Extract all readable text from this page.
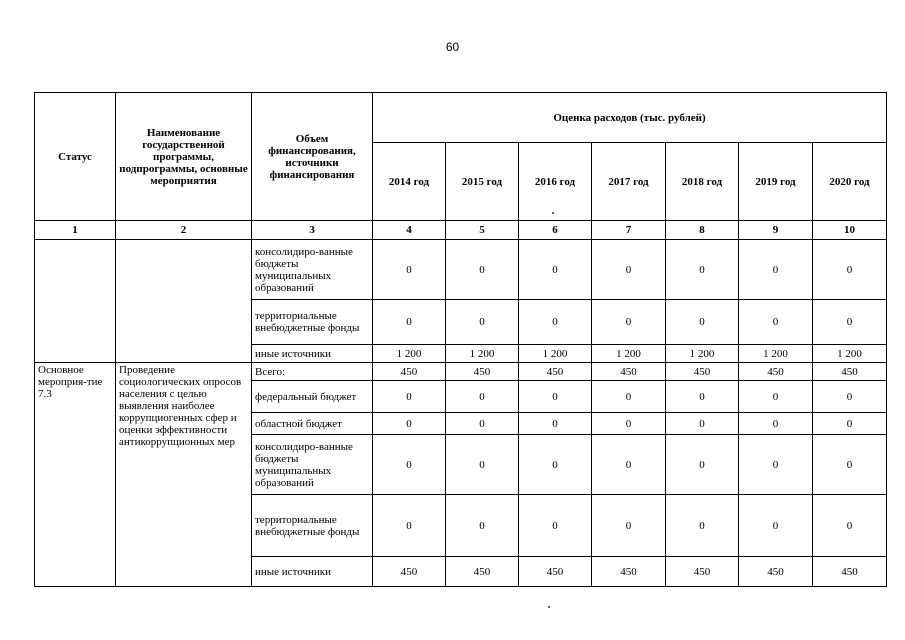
60
Статус	Наименование государственной программы, подпрограммы, основные мероприятия	Объем финансирования, источники финансирования	Оценка расходов (тыс. рублей)						
			2014 год	2015 год	2016 год	2017 год	2018 год	2019 год	2020 год
1	2	3	4	5	6	7	8	9	10
		консолидиро-ванные бюджеты муниципальных образований	0	0	0	0	0	0	0
		территориальные внебюджетные фонды	0	0	0	0	0	0	0
		иные источники	1 200	1 200	1 200	1 200	1 200	1 200	1 200
Основное мероприя-тие 7.3	Проведение социологических опросов населения с целью выявления наиболее коррупциогенных сфер и оценки эффективности антикоррупционных мер	Всего:	450	450	450	450	450	450	450
		федеральный бюджет	0	0	0	0	0	0	0
		областной бюджет	0	0	0	0	0	0	0
		консолидиро-ванные бюджеты муниципальных образований	0	0	0	0	0	0	0
		территориальные внебюджетные фонды	0	0	0	0	0	0	0
		иные источники	450	450	450	450	450	450	450
